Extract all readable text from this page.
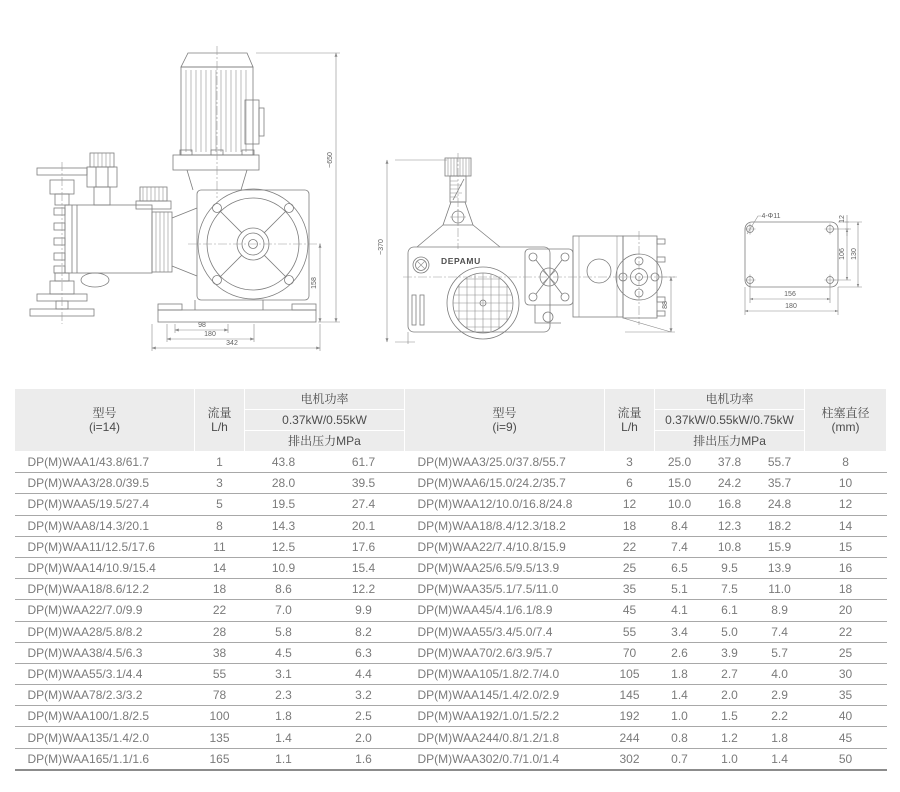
~650
158
98
180
342
DEPAMU
~370
88
4-Φ11	12
106 130
156
180
型号
(i=14)	流量
L/h	电机功率		型号
(i=9)	流量
L/h	电机功率			柱塞直径
(mm)
		0.37kW/0.55kW				0.37kW/0.55kW/0.75kW			
		排出压力MPa				排出压力MPa			
DP(M)WAA1/43.8/61.7	1	43.8	61.7	DP(M)WAA3/25.0/37.8/55.7	3	25.0	37.8	55.7	8
DP(M)WAA3/28.0/39.5	3	28.0	39.5	DP(M)WAA6/15.0/24.2/35.7	6	15.0	24.2	35.7	10
DP(M)WAA5/19.5/27.4	5	19.5	27.4	DP(M)WAA12/10.0/16.8/24.8	12	10.0	16.8	24.8	12
DP(M)WAA8/14.3/20.1	8	14.3	20.1	DP(M)WAA18/8.4/12.3/18.2	18	8.4	12.3	18.2	14
DP(M)WAA11/12.5/17.6	11	12.5	17.6	DP(M)WAA22/7.4/10.8/15.9	22	7.4	10.8	15.9	15
DP(M)WAA14/10.9/15.4	14	10.9	15.4	DP(M)WAA25/6.5/9.5/13.9	25	6.5	9.5	13.9	16
DP(M)WAA18/8.6/12.2	18	8.6	12.2	DP(M)WAA35/5.1/7.5/11.0	35	5.1	7.5	11.0	18
DP(M)WAA22/7.0/9.9	22	7.0	9.9	DP(M)WAA45/4.1/6.1/8.9	45	4.1	6.1	8.9	20
DP(M)WAA28/5.8/8.2	28	5.8	8.2	DP(M)WAA55/3.4/5.0/7.4	55	3.4	5.0	7.4	22
DP(M)WAA38/4.5/6.3	38	4.5	6.3	DP(M)WAA70/2.6/3.9/5.7	70	2.6	3.9	5.7	25
DP(M)WAA55/3.1/4.4	55	3.1	4.4	DP(M)WAA105/1.8/2.7/4.0	105	1.8	2.7	4.0	30
DP(M)WAA78/2.3/3.2	78	2.3	3.2	DP(M)WAA145/1.4/2.0/2.9	145	1.4	2.0	2.9	35
DP(M)WAA100/1.8/2.5	100	1.8	2.5	DP(M)WAA192/1.0/1.5/2.2	192	1.0	1.5	2.2	40
DP(M)WAA135/1.4/2.0	135	1.4	2.0	DP(M)WAA244/0.8/1.2/1.8	244	0.8	1.2	1.8	45
DP(M)WAA165/1.1/1.6	165	1.1	1.6	DP(M)WAA302/0.7/1.0/1.4	302	0.7	1.0	1.4	50
